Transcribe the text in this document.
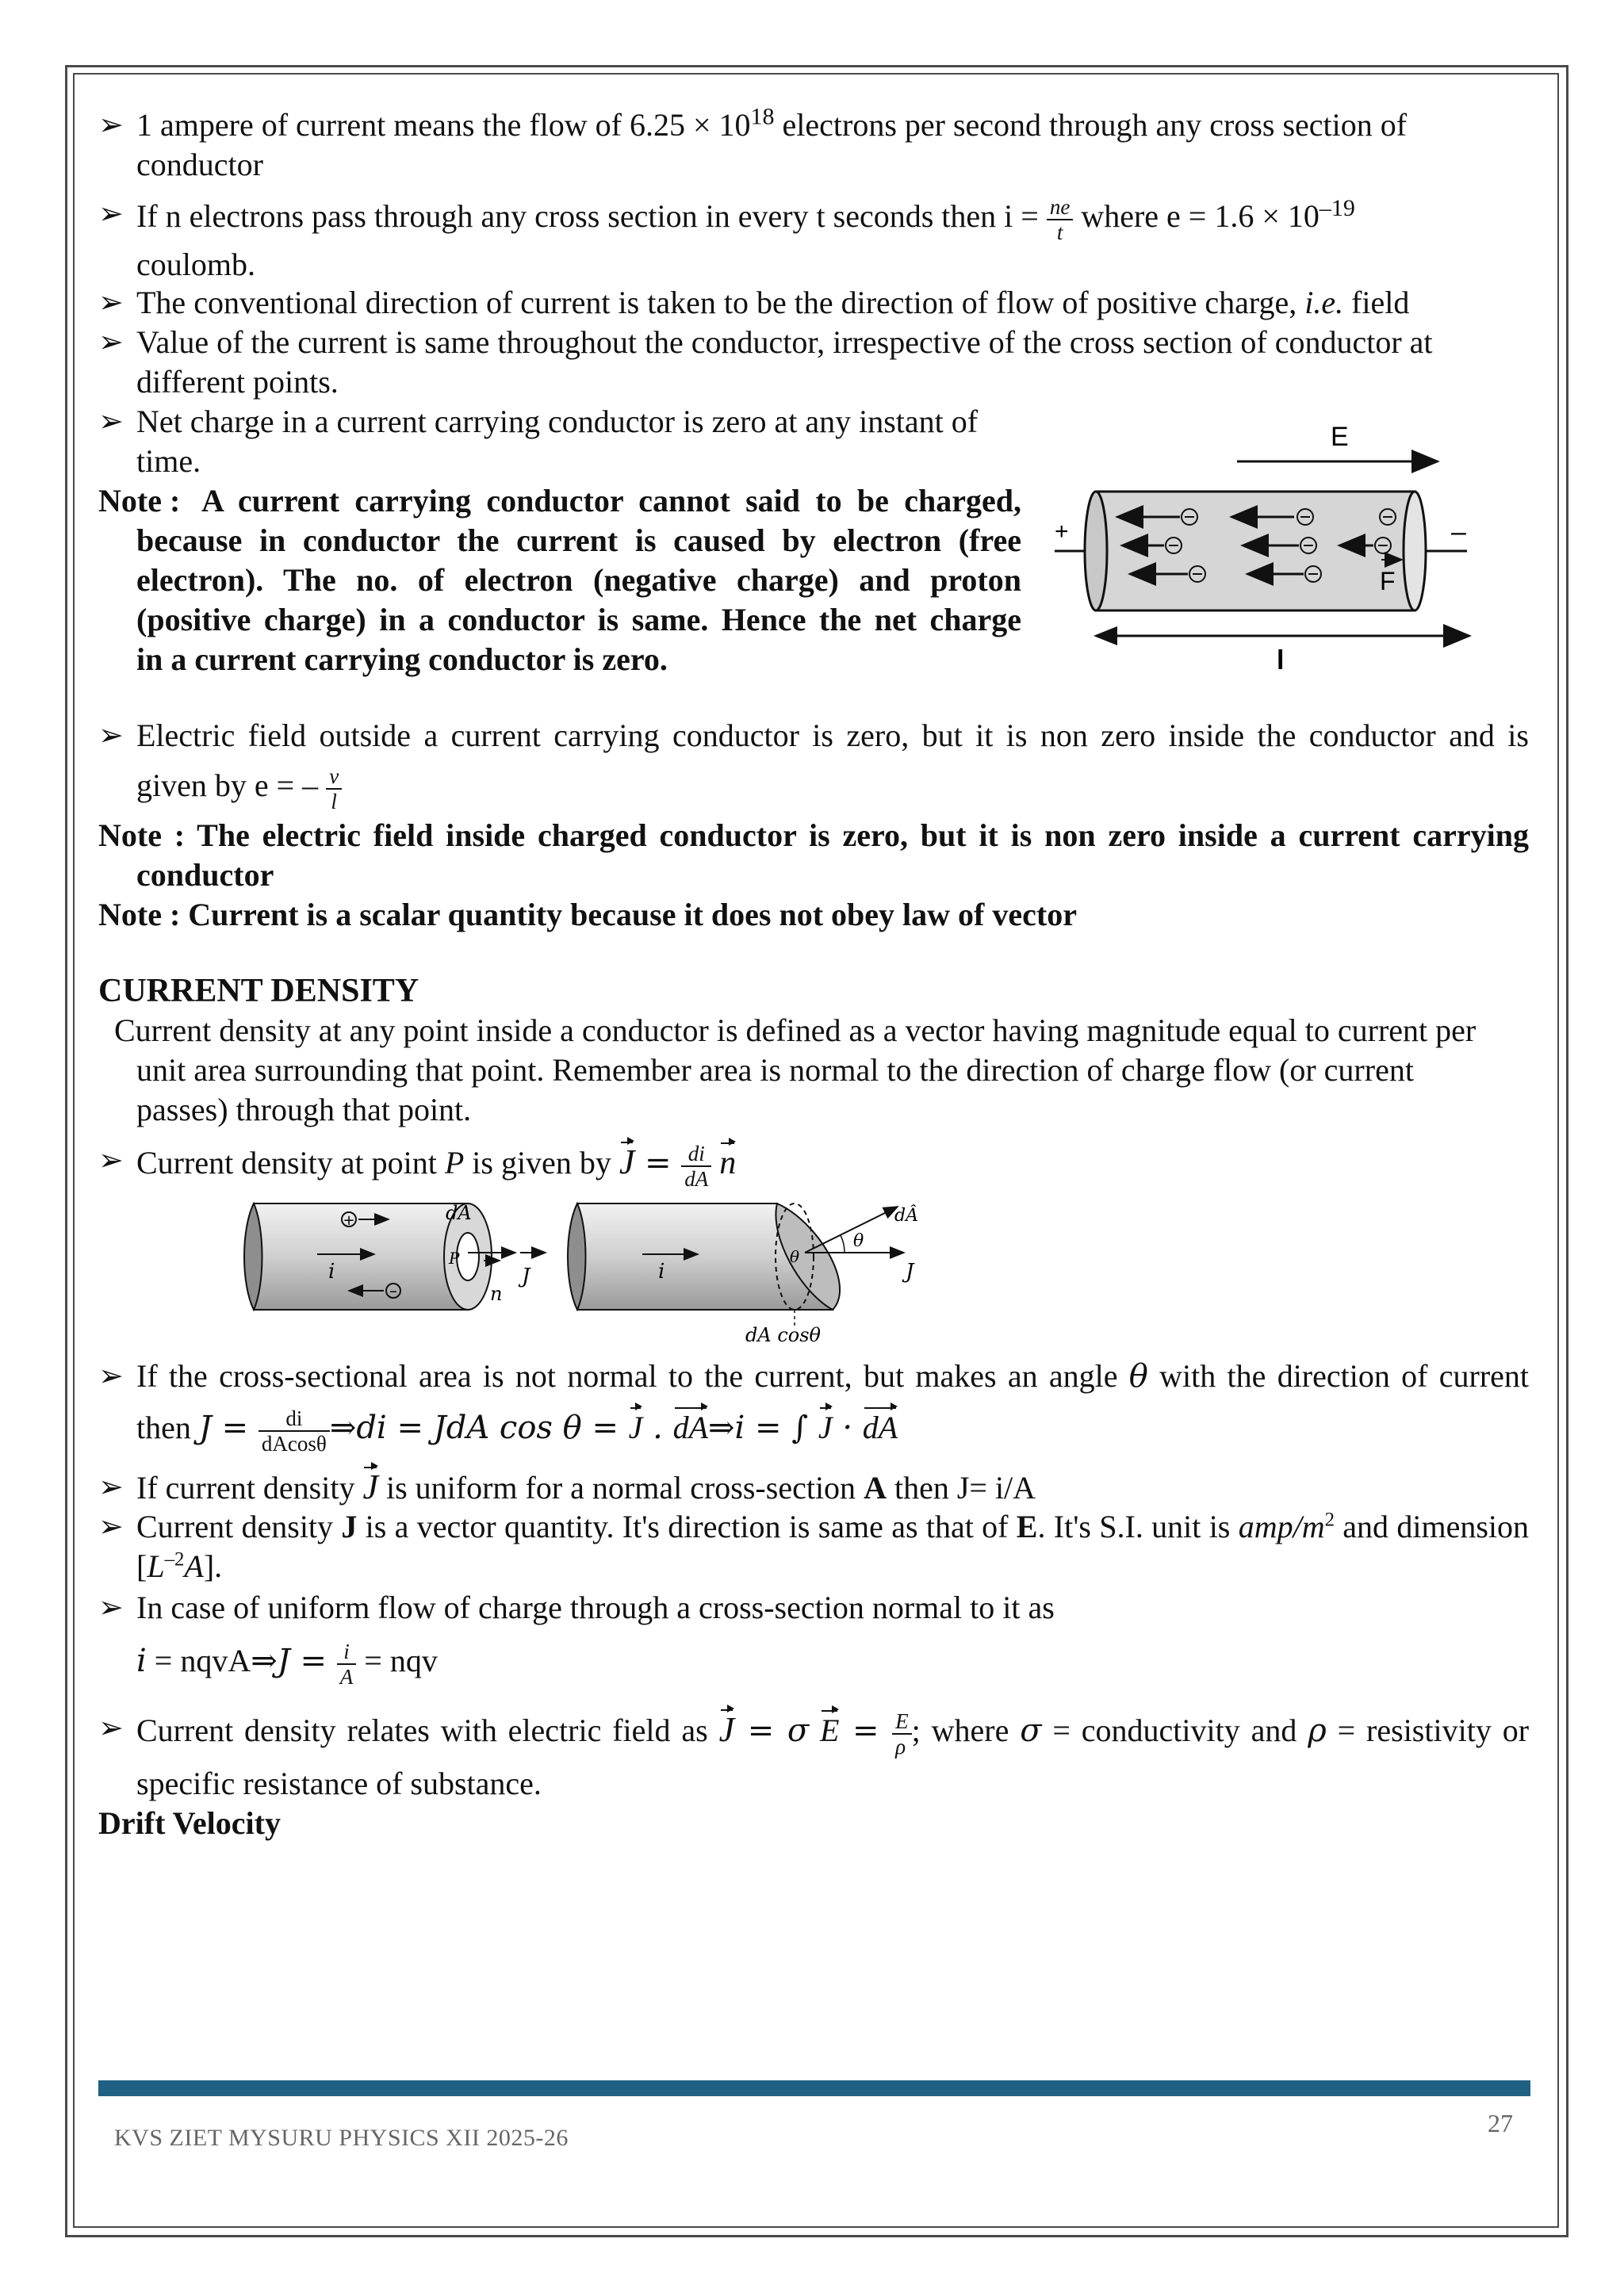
➢ 1 ampere of current means the flow of $6.25 \times 10^{18}$ electrons per second through any cross section of
conductor
➢ If n electrons pass through any cross section in every t seconds then $i = \frac{ne}{t}$ where $e = 1.6 \times 10^{-19}$
coulomb.
➢ The conventional direction of current is taken to be the direction of flow of positive charge, i.e. field
➢ Value of the current is same throughout the conductor, irrespective of the cross section of conductor at
different points.
➢ Net charge in a current carrying conductor is zero at any instant of
time.
Note : A current carrying conductor cannot said to be charged,
because in conductor the current is caused by electron (free
electron). The no. of electron (negative charge) and proton
(positive charge) in a conductor is same. Hence the net charge
in a current carrying conductor is zero.
E
+	–
F
l
➢ Electric field outside a current carrying conductor is zero, but it is non zero inside the conductor and is
given by e = – $\frac{v}{l}$
Note : The electric field inside charged conductor is zero, but it is non zero inside a current carrying
conductor
Note : Current is a scalar quantity because it does not obey law of vector
CURRENT DENSITY
Current density at any point inside a conductor is defined as a vector having magnitude equal to current per
unit area surrounding that point. Remember area is normal to the direction of charge flow (or current
passes) through that point.
➢ Current density at point P is given by $J = \frac{di}{dA}$ n
+
i
–
dA
P
n
J	i
θ
θ
dÂ
J
dA cosθ
➢ If the cross-sectional area is not normal to the current, but makes an angle θ with the direction of current
then $J = \frac{di}{dAcos\theta}$ ⇒di = JdA cos θ = J . dA⇒i = ∫ J · dA
➢ If current density J is uniform for a normal cross-section A then J= i/A
➢ Current density J is a vector quantity. It's direction is same as that of E. It's S.I. unit is amp/$m^2$ and dimension
$[L^{-2}A]$.
➢ In case of uniform flow of charge through a cross-section normal to it as
i = nqvA⇒J = $\frac{i}{A}$ = nqv
➢ Current density relates with electric field as J = σ $E = \frac{E}{\rho}$ ; where σ = conductivity and ρ = resistivity or
specific resistance of substance.
Drift Velocity
KVS ZIET MYSURU PHYSICS XII 2025-26
27
